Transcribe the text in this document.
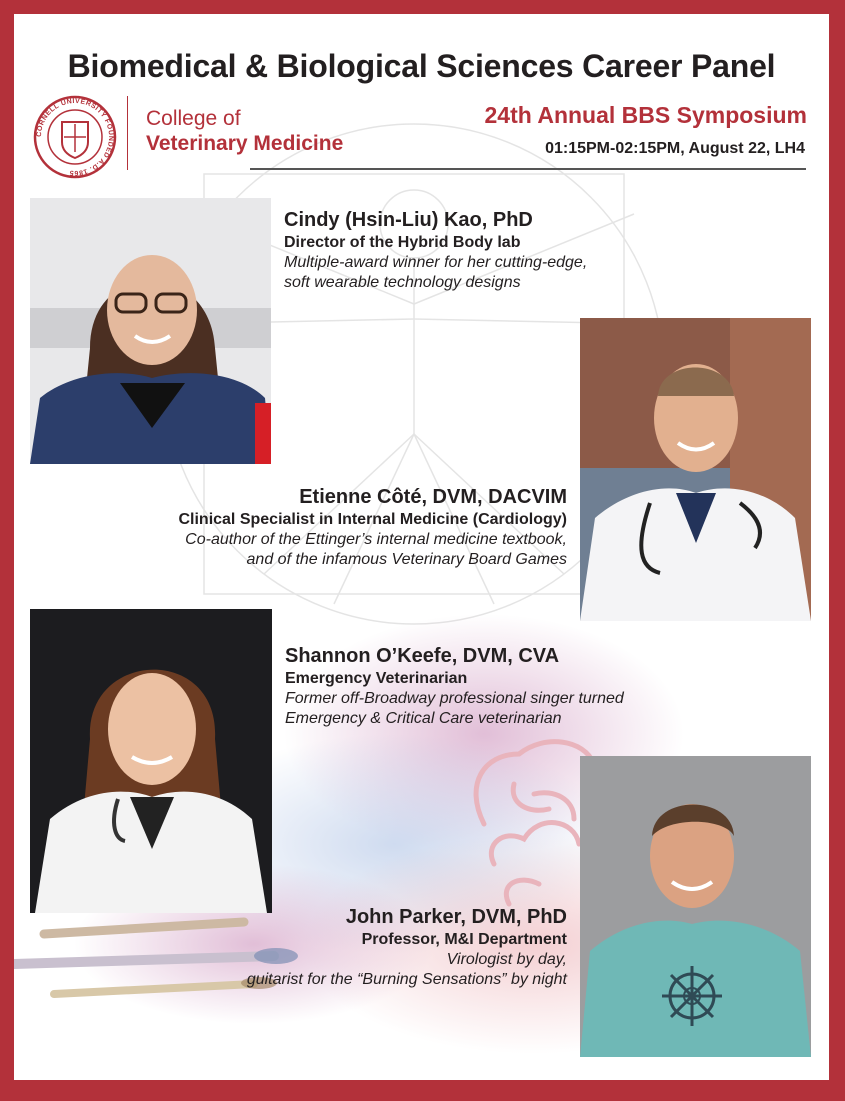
Biomedical & Biological Sciences Career Panel
CORNELL UNIVERSITY FOUNDED A.D. 1865
College of
Veterinary Medicine
24th Annual BBS Symposium
01:15PM-02:15PM, August 22, LH4
Cindy (Hsin-Liu) Kao, PhD
Director of the Hybrid Body lab
Multiple-award winner for her cutting-edge,
soft wearable technology designs
Etienne Côté, DVM, DACVIM
Clinical Specialist in Internal Medicine (Cardiology)
Co-author of the Ettinger’s internal medicine textbook,
and of the infamous Veterinary Board Games
Shannon O’Keefe, DVM, CVA
Emergency Veterinarian
Former off-Broadway professional singer turned
Emergency & Critical Care veterinarian
John Parker, DVM, PhD
Professor, M&I Department
Virologist by day,
guitarist for the “Burning Sensations” by night
